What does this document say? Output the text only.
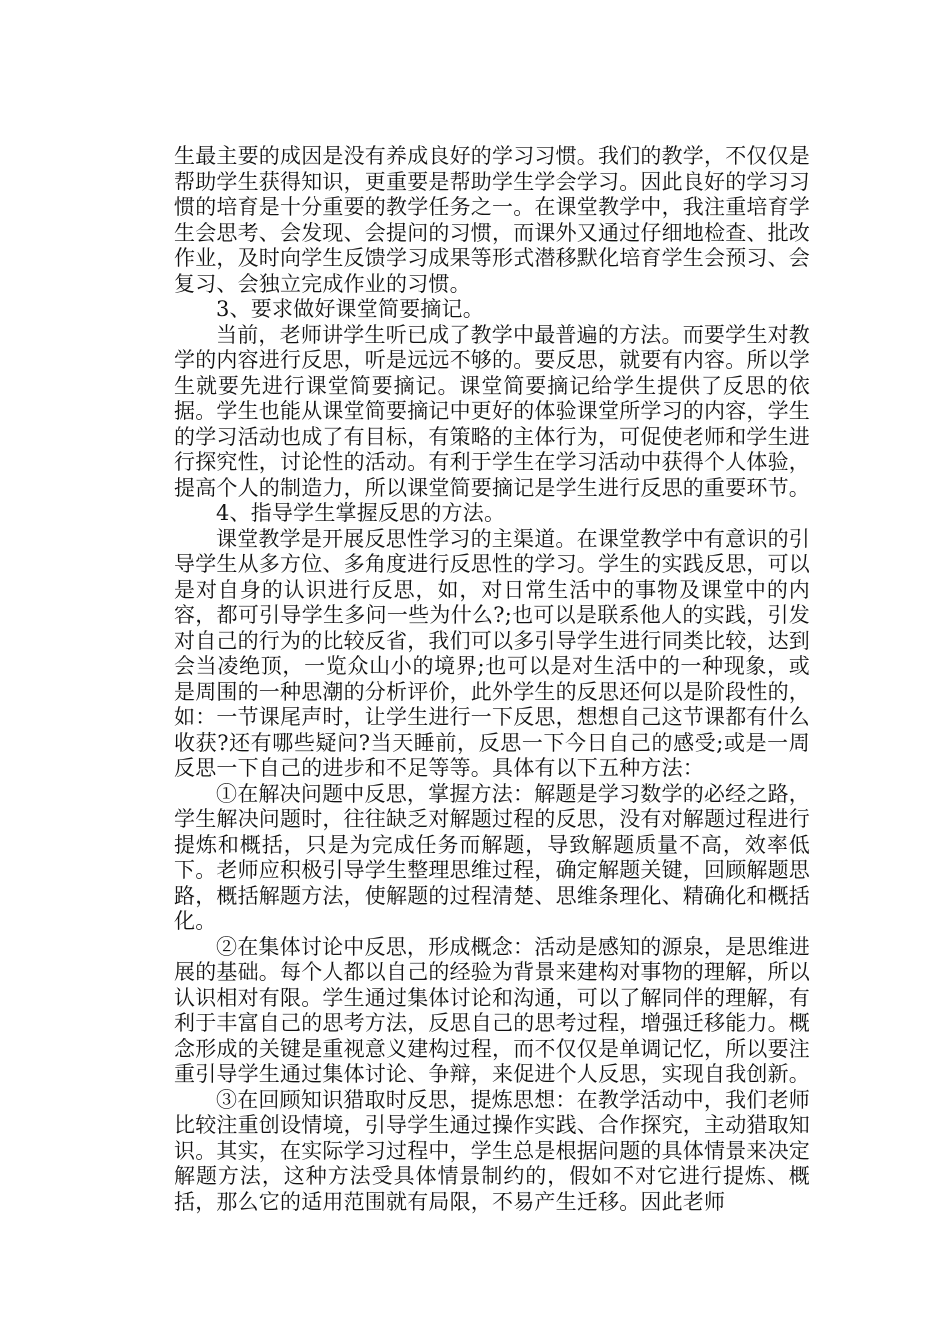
生最主要的成因是没有养成良好的学习习惯。我们的教学，不仅仅是帮助学生获得知识，更重要是帮助学生学会学习。因此良好的学习习惯的培育是十分重要的教学任务之一。在课堂教学中，我注重培育学生会思考、会发现、会提问的习惯，而课外又通过仔细地检查、批改作业，及时向学生反馈学习成果等形式潜移默化培育学生会预习、会复习、会独立完成作业的习惯。

3、要求做好课堂简要摘记。

当前，老师讲学生听已成了教学中最普遍的方法。而要学生对教学的内容进行反思，听是远远不够的。要反思，就要有内容。所以学生就要先进行课堂简要摘记。课堂简要摘记给学生提供了反思的依据。学生也能从课堂简要摘记中更好的体验课堂所学习的内容，学生的学习活动也成了有目标，有策略的主体行为，可促使老师和学生进行探究性，讨论性的活动。有利于学生在学习活动中获得个人体验，提高个人的制造力，所以课堂简要摘记是学生进行反思的重要环节。

4、指导学生掌握反思的方法。

课堂教学是开展反思性学习的主渠道。在课堂教学中有意识的引导学生从多方位、多角度进行反思性的学习。学生的实践反思，可以是对自身的认识进行反思，如，对日常生活中的事物及课堂中的内容，都可引导学生多问一些为什么?;也可以是联系他人的实践，引发对自己的行为的比较反省，我们可以多引导学生进行同类比较，达到会当凌绝顶，一览众山小的境界;也可以是对生活中的一种现象，或是周围的一种思潮的分析评价，此外学生的反思还何以是阶段性的，如：一节课尾声时，让学生进行一下反思，想想自己这节课都有什么收获?还有哪些疑问?当天睡前，反思一下今日自己的感受;或是一周反思一下自己的进步和不足等等。具体有以下五种方法：

①在解决问题中反思，掌握方法：解题是学习数学的必经之路，学生解决问题时，往往缺乏对解题过程的反思，没有对解题过程进行提炼和概括，只是为完成任务而解题，导致解题质量不高，效率低下。老师应积极引导学生整理思维过程，确定解题关键，回顾解题思路，概括解题方法，使解题的过程清楚、思维条理化、精确化和概括化。

②在集体讨论中反思，形成概念：活动是感知的源泉，是思维进展的基础。每个人都以自己的经验为背景来建构对事物的理解，所以认识相对有限。学生通过集体讨论和沟通，可以了解同伴的理解，有利于丰富自己的思考方法，反思自己的思考过程，增强迁移能力。概念形成的关键是重视意义建构过程，而不仅仅是单调记忆，所以要注重引导学生通过集体讨论、争辩，来促进个人反思，实现自我创新。

③在回顾知识猎取时反思，提炼思想：在教学活动中，我们老师比较注重创设情境，引导学生通过操作实践、合作探究，主动猎取知识。其实，在实际学习过程中，学生总是根据问题的具体情景来决定解题方法，这种方法受具体情景制约的，假如不对它进行提炼、概括，那么它的适用范围就有局限，不易产生迁移。因此老师
